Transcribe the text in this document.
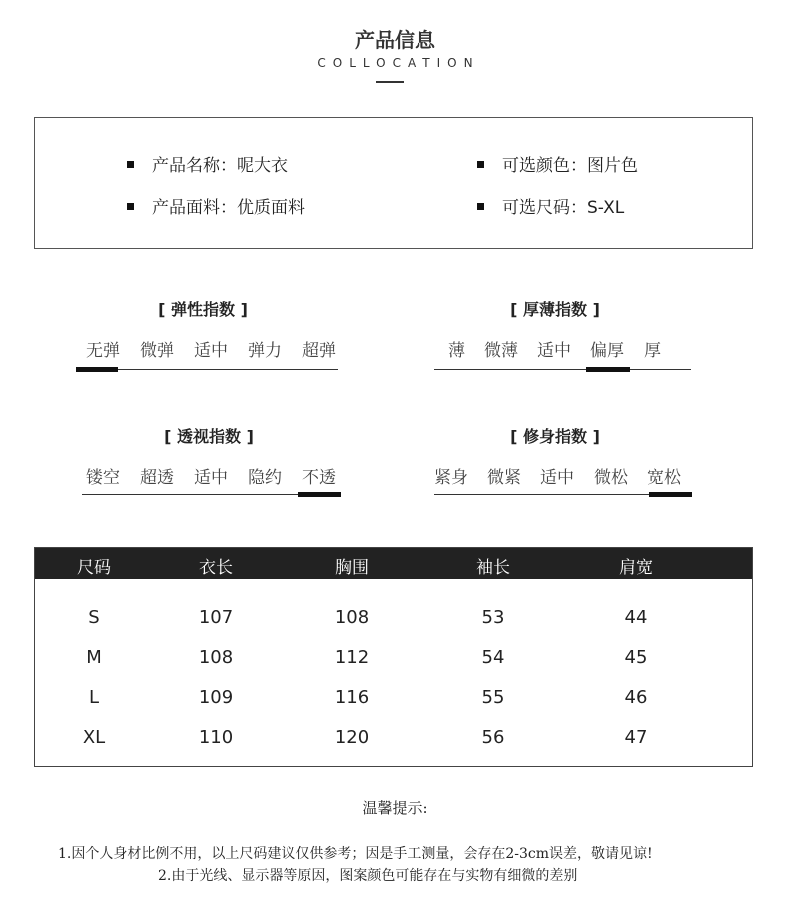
产品信息
COLLOCATION
产品名称：呢大衣	可选颜色：图片色
产品面料：优质面料	可选尺码：S-XL
[ 弹性指数 ]
无弹 微弹 适中 弹力 超弹
[ 厚薄指数 ]
薄 微薄 适中 偏厚 厚
[ 透视指数 ]
镂空 超透 适中 隐约 不透
[ 修身指数 ]
紧身 微紧 适中 微松 宽松
尺码	衣长	胸围	袖长	肩宽
S	107	108	53	44
M	108	112	54	45
L	109	116	55	46
XL	110	120	56	47
温馨提示:
1.因个人身材比例不用，以上尺码建议仅供参考；因是手工测量，会存在2-3cm误差，敬请见谅!
2.由于光线、显示器等原因，图案颜色可能存在与实物有细微的差别
